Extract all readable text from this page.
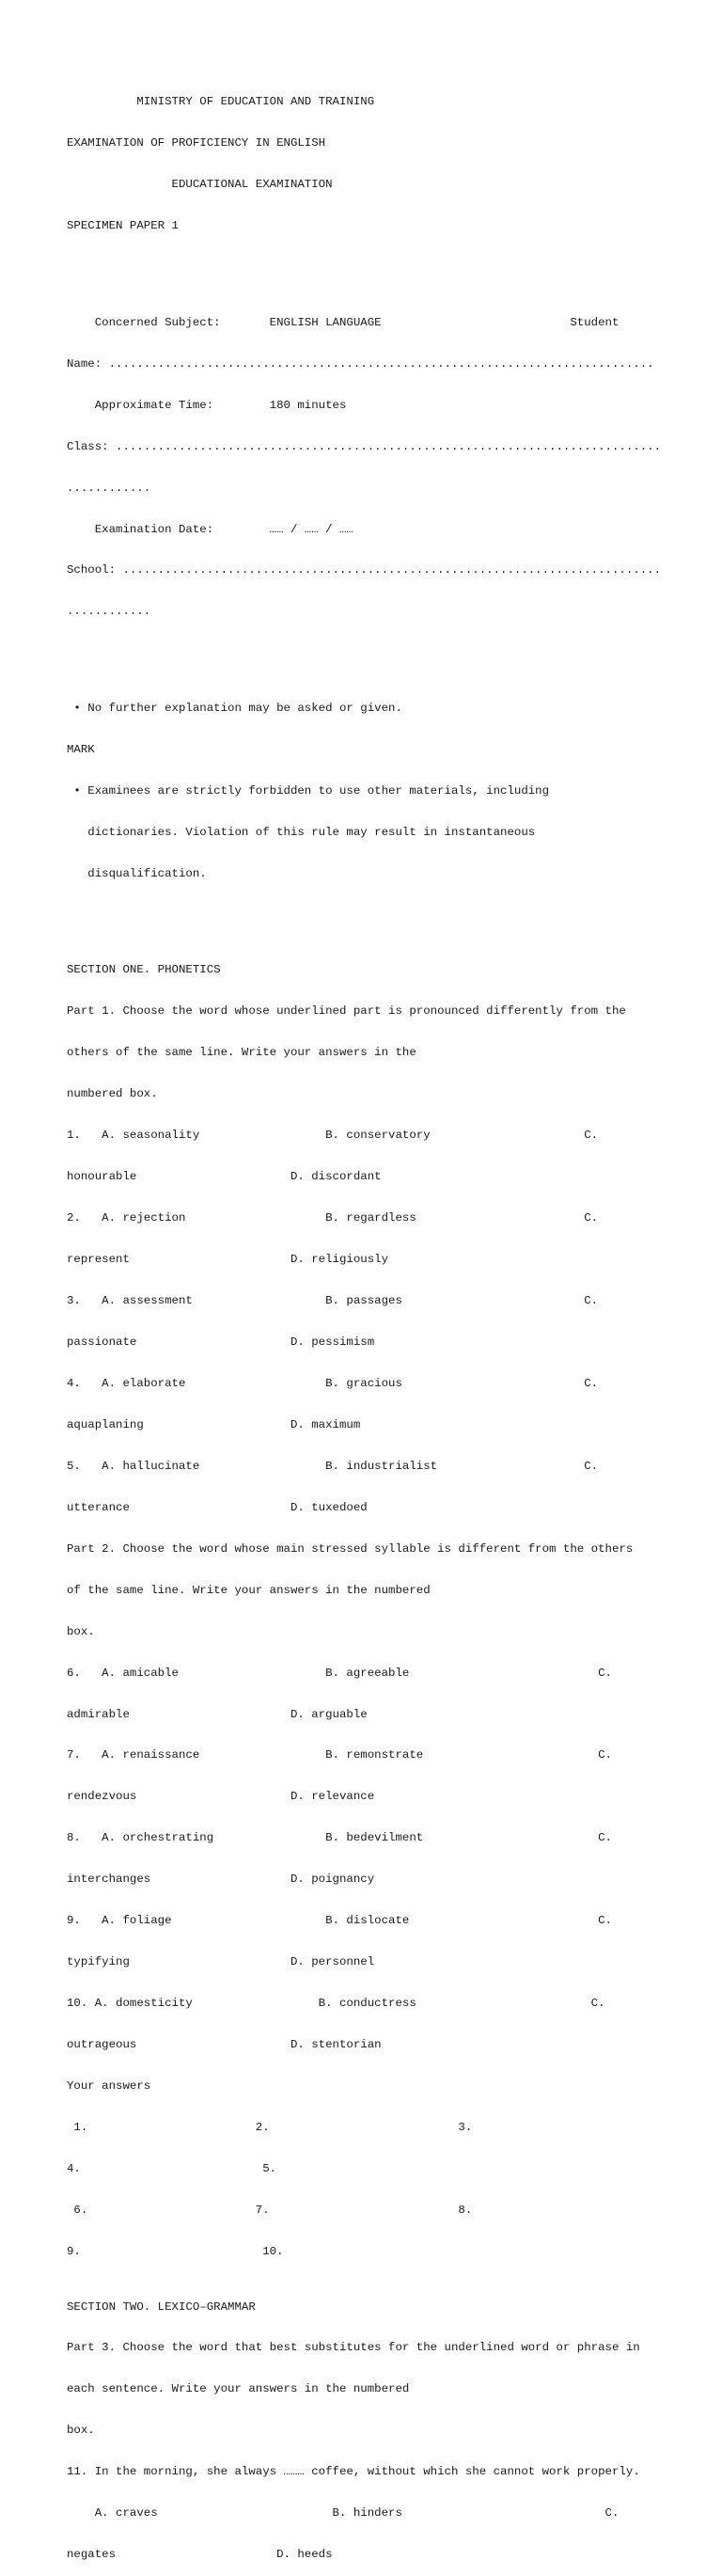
MINISTRY OF EDUCATION AND TRAINING

EXAMINATION OF PROFICIENCY IN ENGLISH

EDUCATIONAL EXAMINATION

SPECIMEN PAPER 1

Concerned Subject:       ENGLISH LANGUAGE                           Student

Name: ..............................................................................

Approximate Time:        180 minutes

Class: ..............................................................................

............

Examination Date:        …… / …… / ……

School: .............................................................................

............

• No further explanation may be asked or given.

MARK

• Examinees are strictly forbidden to use other materials, including

dictionaries. Violation of this rule may result in instantaneous

disqualification.

SECTION ONE. PHONETICS

Part 1. Choose the word whose underlined part is pronounced differently from the

others of the same line. Write your answers in the

numbered box.

1.   A. seasonality                  B. conservatory                      C.

honourable                      D. discordant

2.   A. rejection                    B. regardless                        C.

represent                       D. religiously

3.   A. assessment                   B. passages                          C.

passionate                      D. pessimism

4.   A. elaborate                    B. gracious                          C.

aquaplaning                     D. maximum

5.   A. hallucinate                  B. industrialist                     C.

utterance                       D. tuxedoed

Part 2. Choose the word whose main stressed syllable is different from the others

of the same line. Write your answers in the numbered

box.

6.   A. amicable                     B. agreeable                           C.

admirable                       D. arguable

7.   A. renaissance                  B. remonstrate                         C.

rendezvous                      D. relevance

8.   A. orchestrating                B. bedevilment                         C.

interchanges                    D. poignancy

9.   A. foliage                      B. dislocate                           C.

typifying                       D. personnel

10. A. domesticity                  B. conductress                         C.

outrageous                      D. stentorian

Your answers

1.                        2.                           3.

4.                          5.

6.                        7.                           8.

9.                          10.

SECTION TWO. LEXICO–GRAMMAR

Part 3. Choose the word that best substitutes for the underlined word or phrase in

each sentence. Write your answers in the numbered

box.

11. In the morning, she always ……… coffee, without which she cannot work properly.

A. craves                         B. hinders                             C.

negates                       D. heeds
